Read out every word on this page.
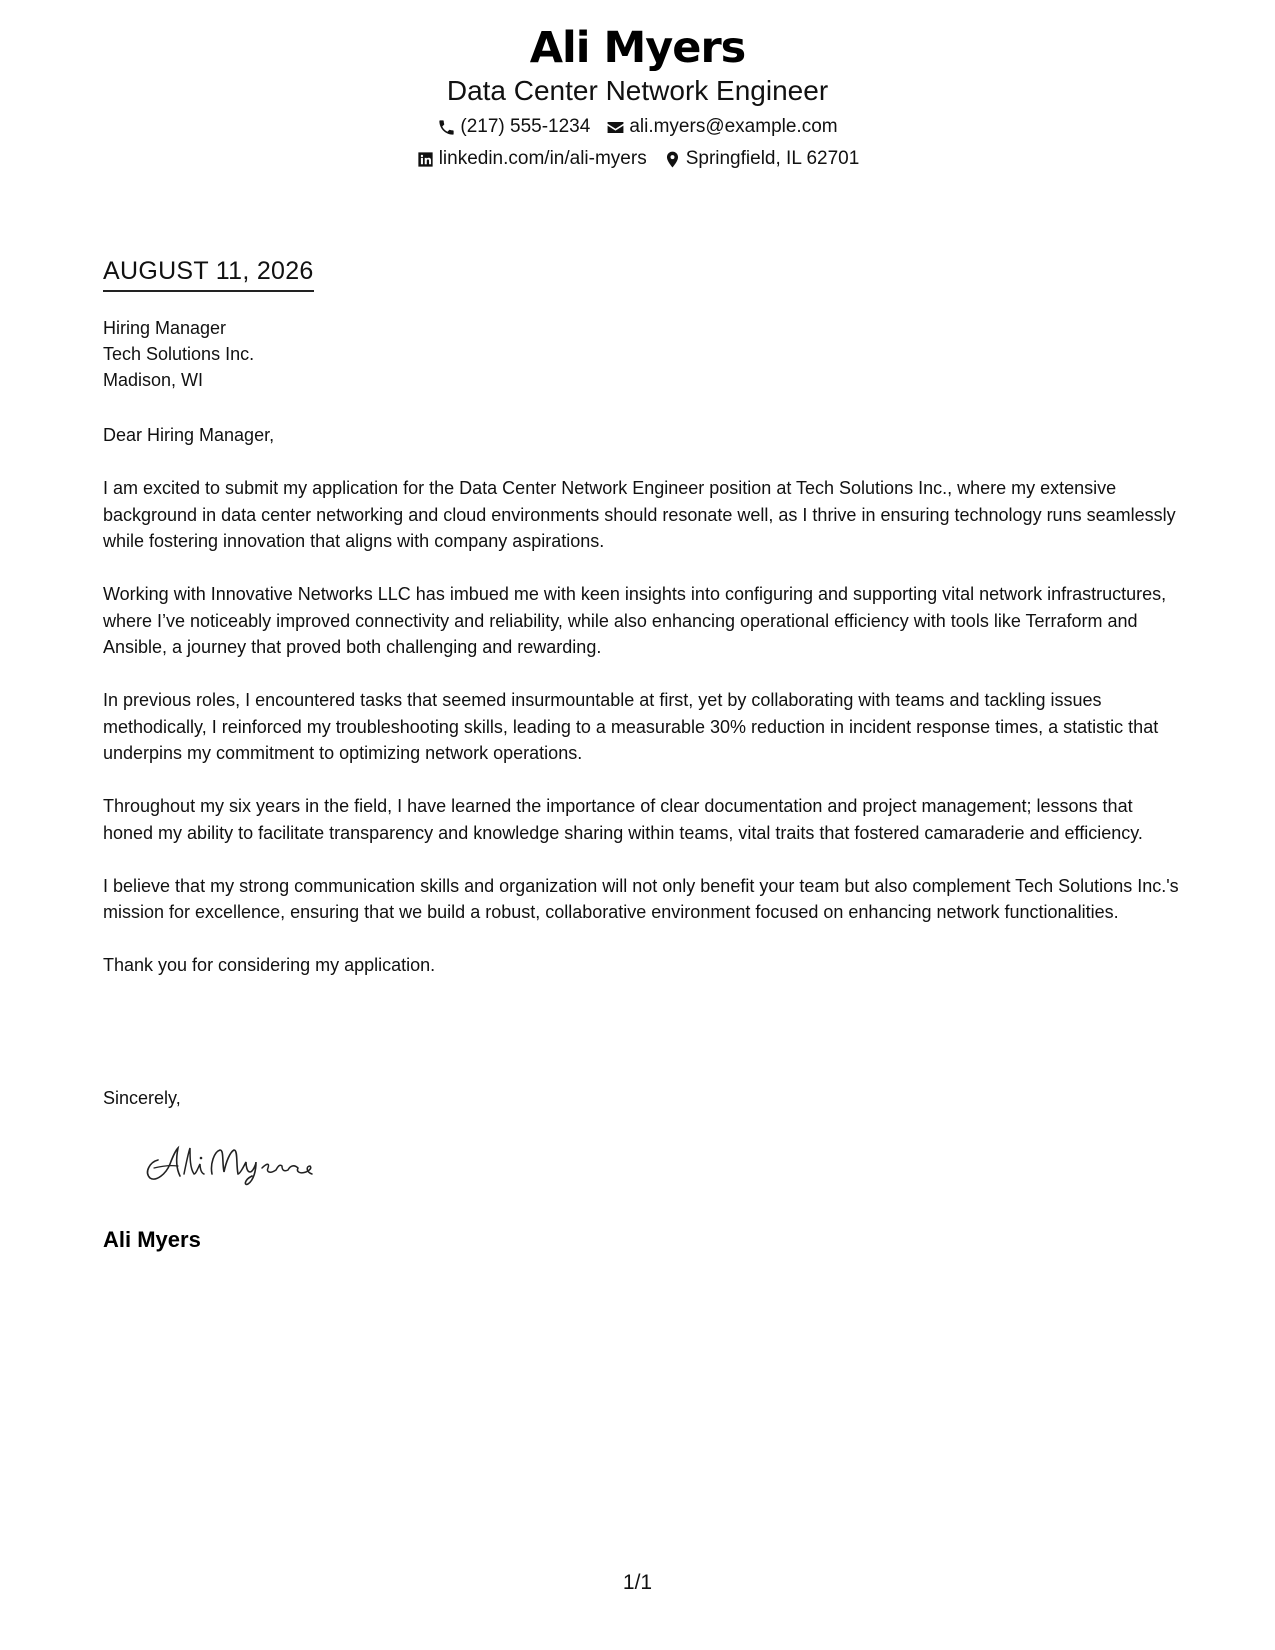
Ali Myers
Data Center Network Engineer
(217) 555-1234 ali.myers@example.com
linkedin.com/in/ali-myers Springfield, IL 62701
AUGUST 11, 2026
Hiring Manager
Tech Solutions Inc.
Madison, WI

Dear Hiring Manager,

I am excited to submit my application for the Data Center Network Engineer position at Tech Solutions Inc., where my extensive background in data center networking and cloud environments should resonate well, as I thrive in ensuring technology runs seamlessly while fostering innovation that aligns with company aspirations.

Working with Innovative Networks LLC has imbued me with keen insights into configuring and supporting vital network infrastructures, where I’ve noticeably improved connectivity and reliability, while also enhancing operational efficiency with tools like Terraform and Ansible, a journey that proved both challenging and rewarding.

In previous roles, I encountered tasks that seemed insurmountable at first, yet by collaborating with teams and tackling issues methodically, I reinforced my troubleshooting skills, leading to a measurable 30% reduction in incident response times, a statistic that underpins my commitment to optimizing network operations.

Throughout my six years in the field, I have learned the importance of clear documentation and project management; lessons that honed my ability to facilitate transparency and knowledge sharing within teams, vital traits that fostered camaraderie and efficiency.

I believe that my strong communication skills and organization will not only benefit your team but also complement Tech Solutions Inc.'s mission for excellence, ensuring that we build a robust, collaborative environment focused on enhancing network functionalities.

Thank you for considering my application.

Sincerely,
Ali Myers
1/1
